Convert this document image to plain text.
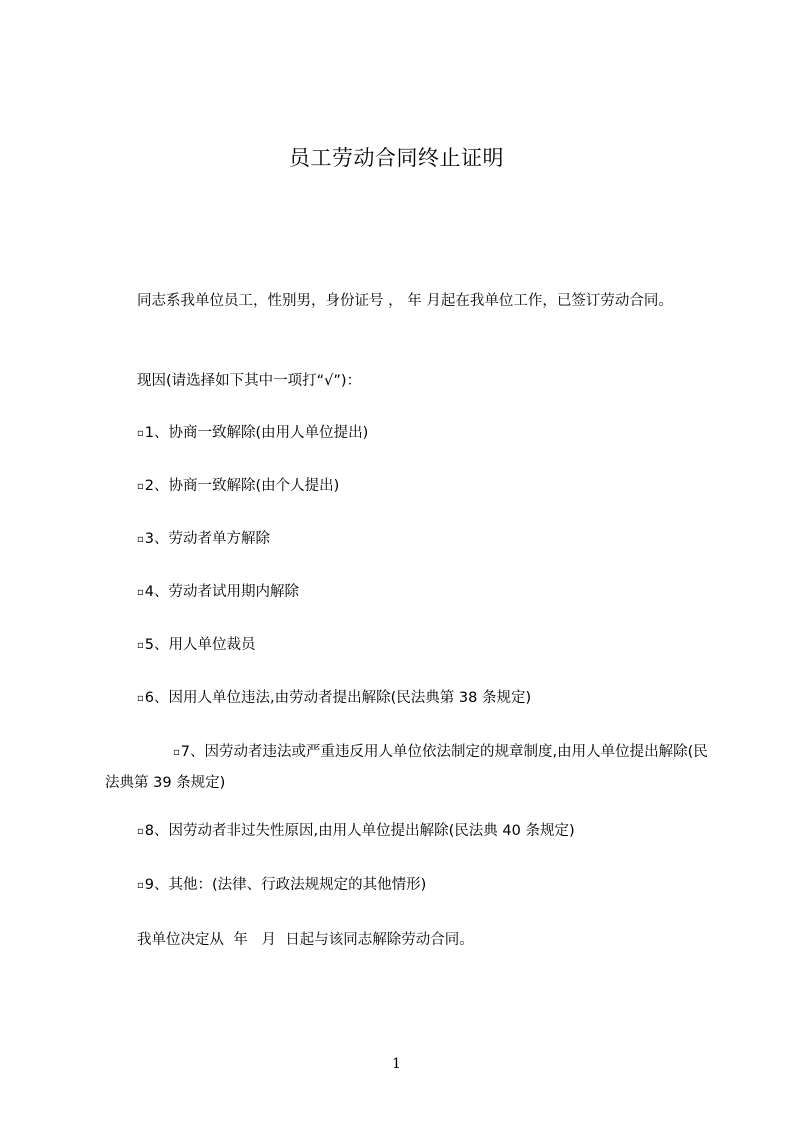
员工劳动合同终止证明
同志系我单位员工，性别男，身份证号 ， 年 月起在我单位工作，已签订劳动合同。
现因(请选择如下其中一项打“√”)：
▫1、协商一致解除(由用人单位提出)
▫2、协商一致解除(由个人提出)
▫3、劳动者单方解除
▫4、劳动者试用期内解除
▫5、用人单位裁员
▫6、因用人单位违法,由劳动者提出解除(民法典第 38 条规定)
▫7、因劳动者违法或严重违反用人单位依法制定的规章制度,由用人单位提出解除(民法典第 39 条规定)
▫8、因劳动者非过失性原因,由用人单位提出解除(民法典 40 条规定)
▫9、其他：(法律、行政法规规定的其他情形)
我单位决定从  年   月  日起与该同志解除劳动合同。
1
